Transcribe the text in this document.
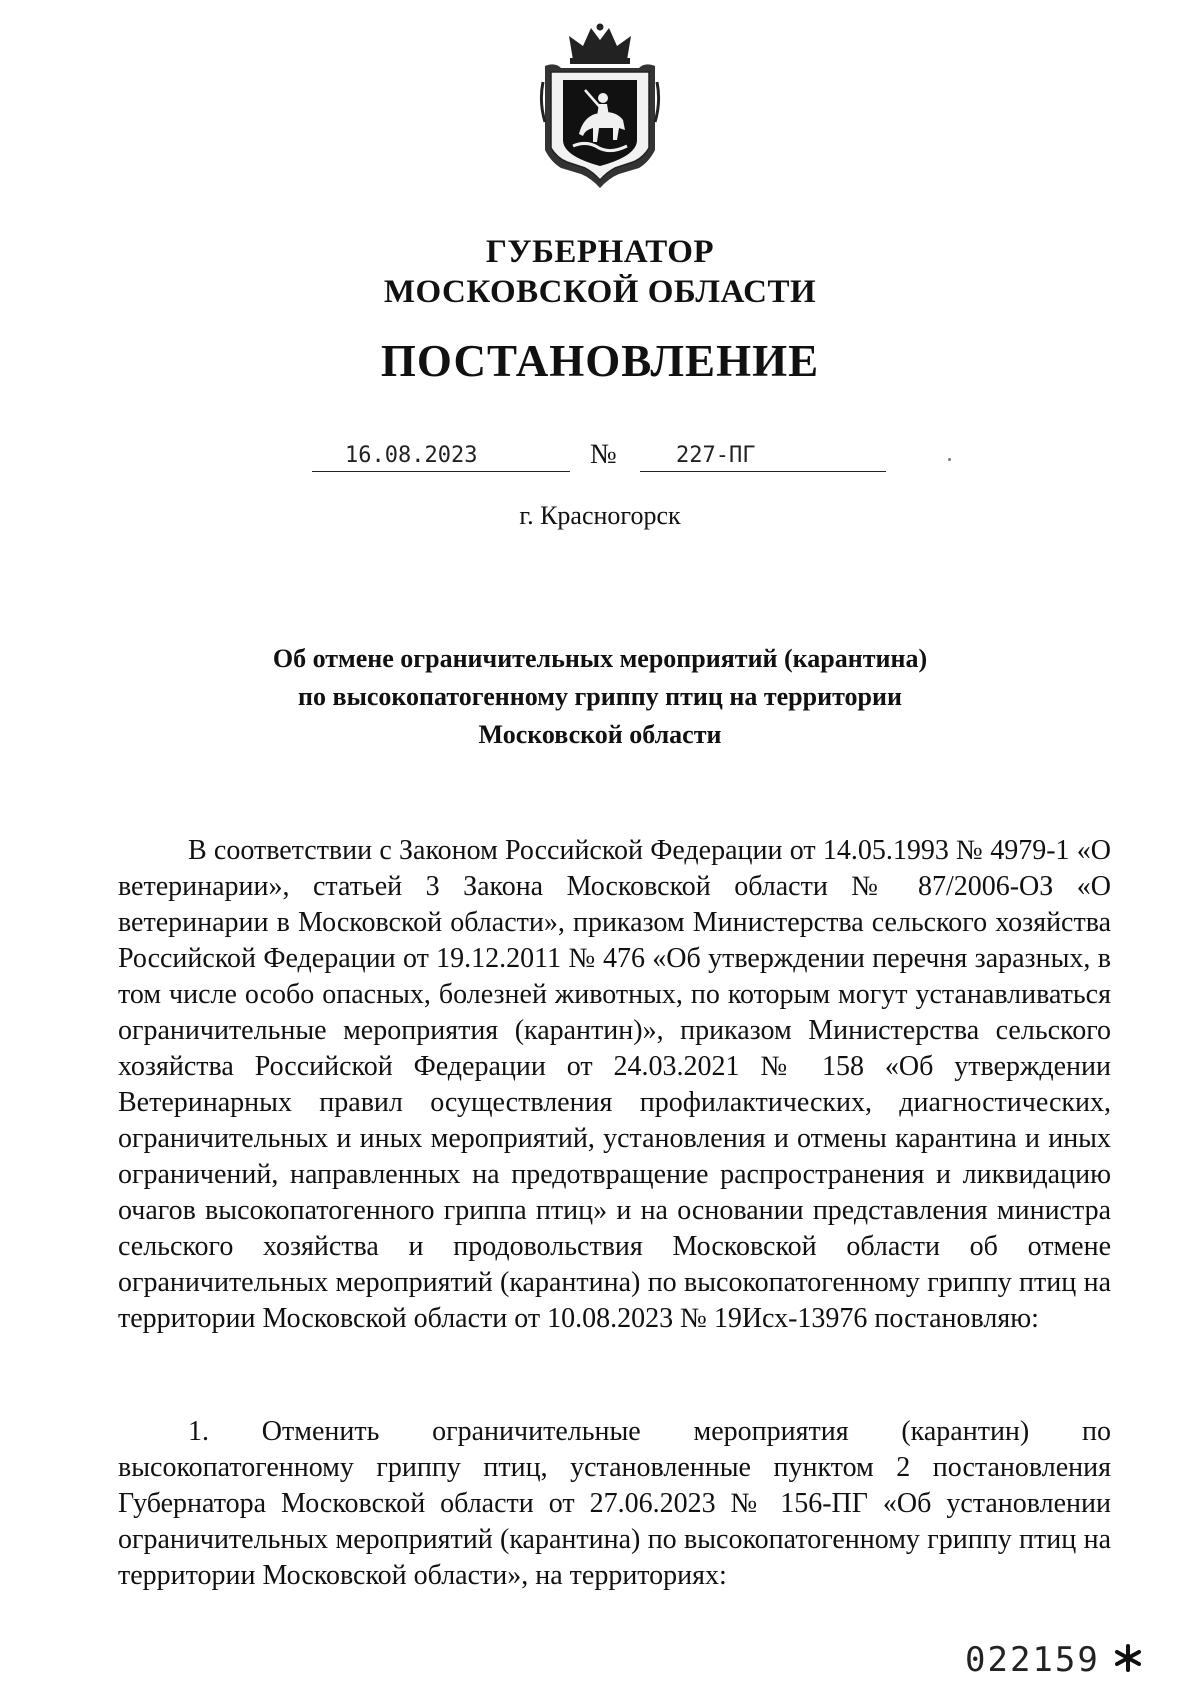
ГУБЕРНАТОР
МОСКОВСКОЙ ОБЛАСТИ
ПОСТАНОВЛЕНИЕ
16.08.2023	№	227-ПГ
г. Красногорск
Об отмене ограничительных мероприятий (карантина)
по высокопатогенному гриппу птиц на территории
Московской области
В соответствии с Законом Российской Федерации от 14.05.1993 № 4979-1 «О ветеринарии», статьей 3 Закона Московской области № 87/2006-ОЗ «О ветеринарии в Московской области», приказом Министерства сельского хозяйства Российской Федерации от 19.12.2011 № 476 «Об утверждении перечня заразных, в том числе особо опасных, болезней животных, по которым могут устанавливаться ограничительные мероприятия (карантин)», приказом Министерства сельского хозяйства Российской Федерации от 24.03.2021 № 158 «Об утверждении Ветеринарных правил осуществления профилактических, диагностических, ограничительных и иных мероприятий, установления и отмены карантина и иных ограничений, направленных на предотвращение распространения и ликвидацию очагов высокопатогенного гриппа птиц» и на основании представления министра сельского хозяйства и продовольствия Московской области об отмене ограничительных мероприятий (карантина) по высокопатогенному гриппу птиц на территории Московской области от 10.08.2023 № 19Исх-13976 постановляю:
1. Отменить ограничительные мероприятия (карантин) по высокопатогенному гриппу птиц, установленные пунктом 2 постановления Губернатора Московской области от 27.06.2023 № 156-ПГ «Об установлении ограничительных мероприятий (карантина) по высокопатогенному гриппу птиц на территории Московской области», на территориях:
022159
